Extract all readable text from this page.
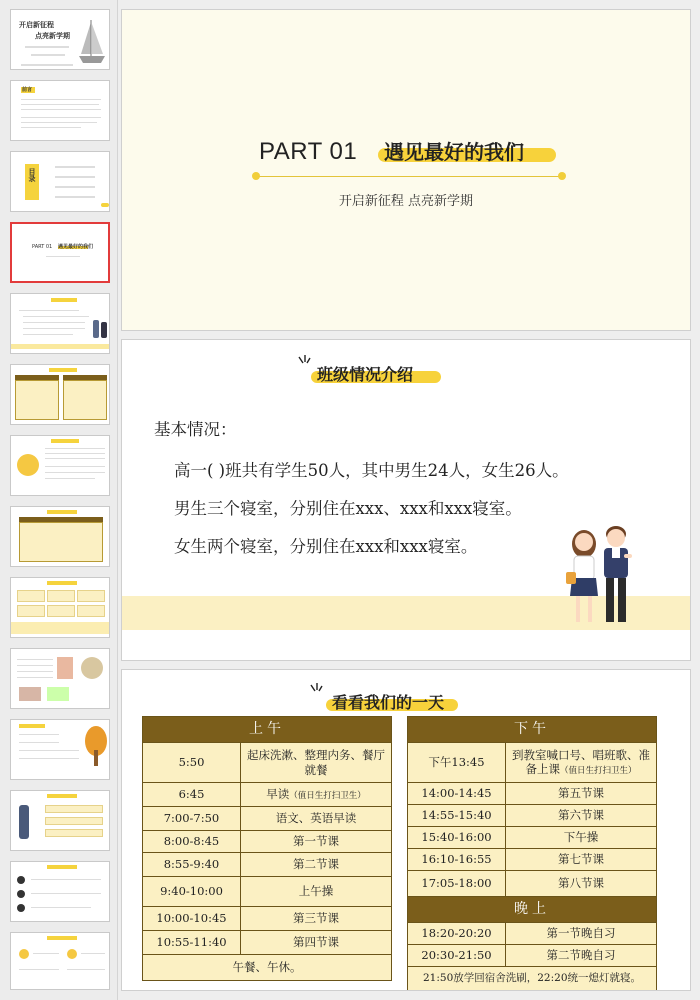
开启新征程
点亮新学期
前言
目录
PART 01 遇见最好的我们
PART 01 遇见最好的我们
开启新征程 点亮新学期
班级情况介绍
基本情况：
高一( )班共有学生50人，其中男生24人，女生26人。
男生三个寝室，分别住在xxx、xxx和xxx寝室。
女生两个寝室，分别住在xxx和xxx寝室。
看看我们的一天
上午	
5:50	起床洗漱、整理内务、餐厅就餐
6:45	早读（值日生打扫卫生）
7:00-7:50	语文、英语早读
8:00-8:45	第一节课
8:55-9:40	第二节课
9:40-10:00	上午操
10:00-10:45	第三节课
10:55-11:40	第四节课
午餐、午休。	
下午	
下午13:45	到教室喊口号、唱班歌、准备上课（值日生打扫卫生）
14:00-14:45	第五节课
14:55-15:40	第六节课
15:40-16:00	下午操
16:10-16:55	第七节课
17:05-18:00	第八节课
晚上	
18:20-20:20	第一节晚自习
20:30-21:50	第二节晚自习
21:50放学回宿舍洗刷，22:20统一熄灯就寝。	
